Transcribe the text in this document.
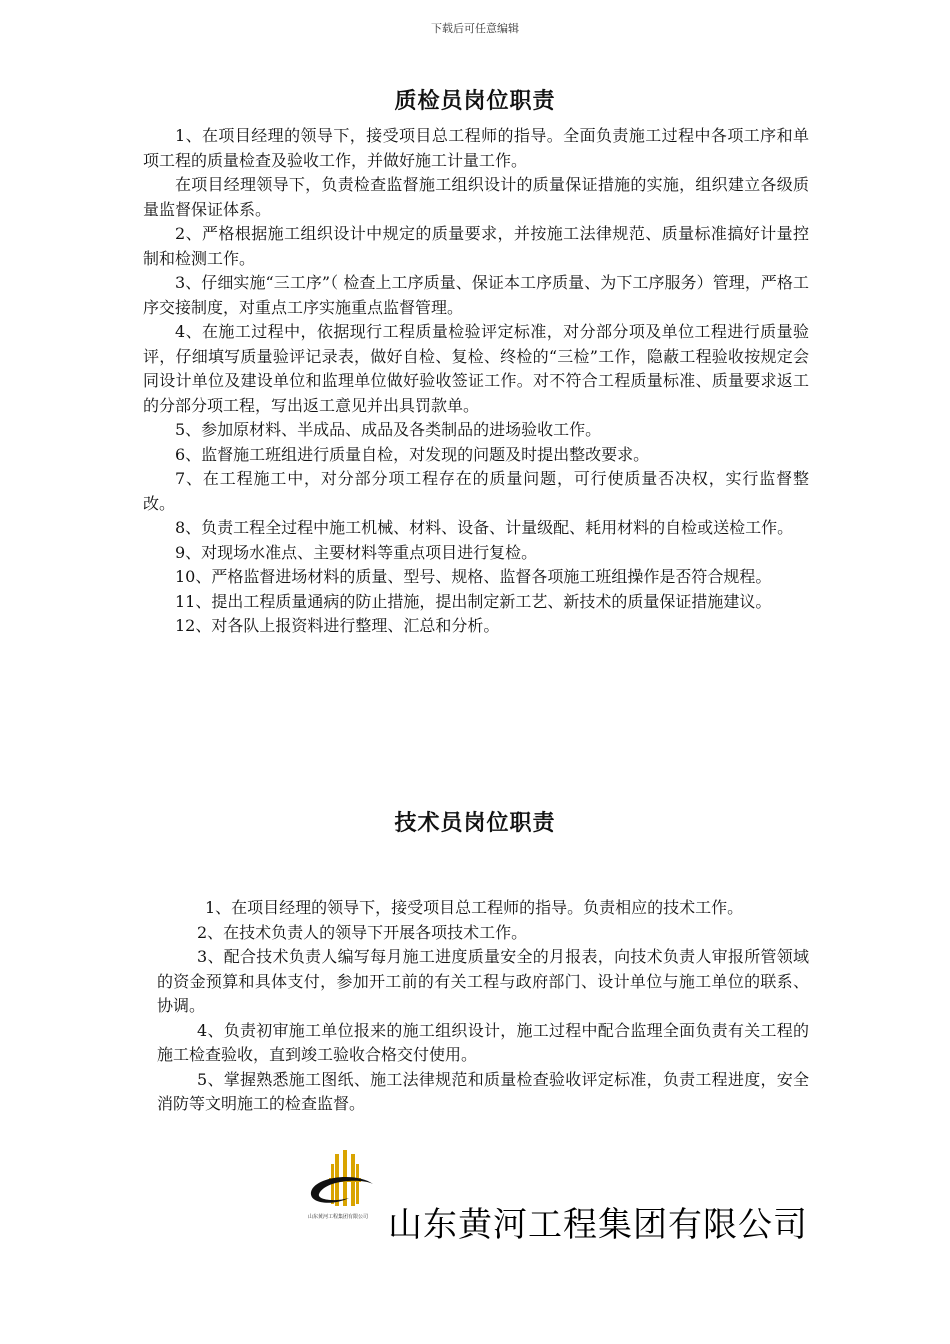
下载后可任意编辑
质检员岗位职责

1、在项目经理的领导下，接受项目总工程师的指导。全面负责施工过程中各项工序和单项工程的质量检查及验收工作，并做好施工计量工作。

在项目经理领导下，负责检查监督施工组织设计的质量保证措施的实施，组织建立各级质量监督保证体系。

2、严格根据施工组织设计中规定的质量要求，并按施工法律规范、质量标准搞好计量控制和检测工作。

3、仔细实施“三工序”（ 检查上工序质量、保证本工序质量、为下工序服务）管理，严格工序交接制度，对重点工序实施重点监督管理。

4、在施工过程中，依据现行工程质量检验评定标准，对分部分项及单位工程进行质量验评，仔细填写质量验评记录表，做好自检、复检、终检的“三检”工作，隐蔽工程验收按规定会同设计单位及建设单位和监理单位做好验收签证工作。对不符合工程质量标准、质量要求返工的分部分项工程，写出返工意见并出具罚款单。

5、参加原材料、半成品、成品及各类制品的进场验收工作。

6、监督施工班组进行质量自检，对发现的问题及时提出整改要求。

7、在工程施工中，对分部分项工程存在的质量问题，可行使质量否决权，实行监督整改。

8、负责工程全过程中施工机械、材料、设备、计量级配、耗用材料的自检或送检工作。

9、对现场水准点、主要材料等重点项目进行复检。

10、严格监督进场材料的质量、型号、规格、监督各项施工班组操作是否符合规程。

11、提出工程质量通病的防止措施，提出制定新工艺、新技术的质量保证措施建议。

12、对各队上报资料进行整理、汇总和分析。

技术员岗位职责

1、在项目经理的领导下，接受项目总工程师的指导。负责相应的技术工作。

2、在技术负责人的领导下开展各项技术工作。

3、配合技术负责人编写每月施工进度质量安全的月报表，向技术负责人审报所管领域的资金预算和具体支付，参加开工前的有关工程与政府部门、设计单位与施工单位的联系、协调。

4、负责初审施工单位报来的施工组织设计，施工过程中配合监理全面负责有关工程的施工检查验收，直到竣工验收合格交付使用。

5、掌握熟悉施工图纸、施工法律规范和质量检查验收评定标准，负责工程进度，安全消防等文明施工的检查监督。

山东黄河工程集团有限公司 山东黄河工程集团有限公司
